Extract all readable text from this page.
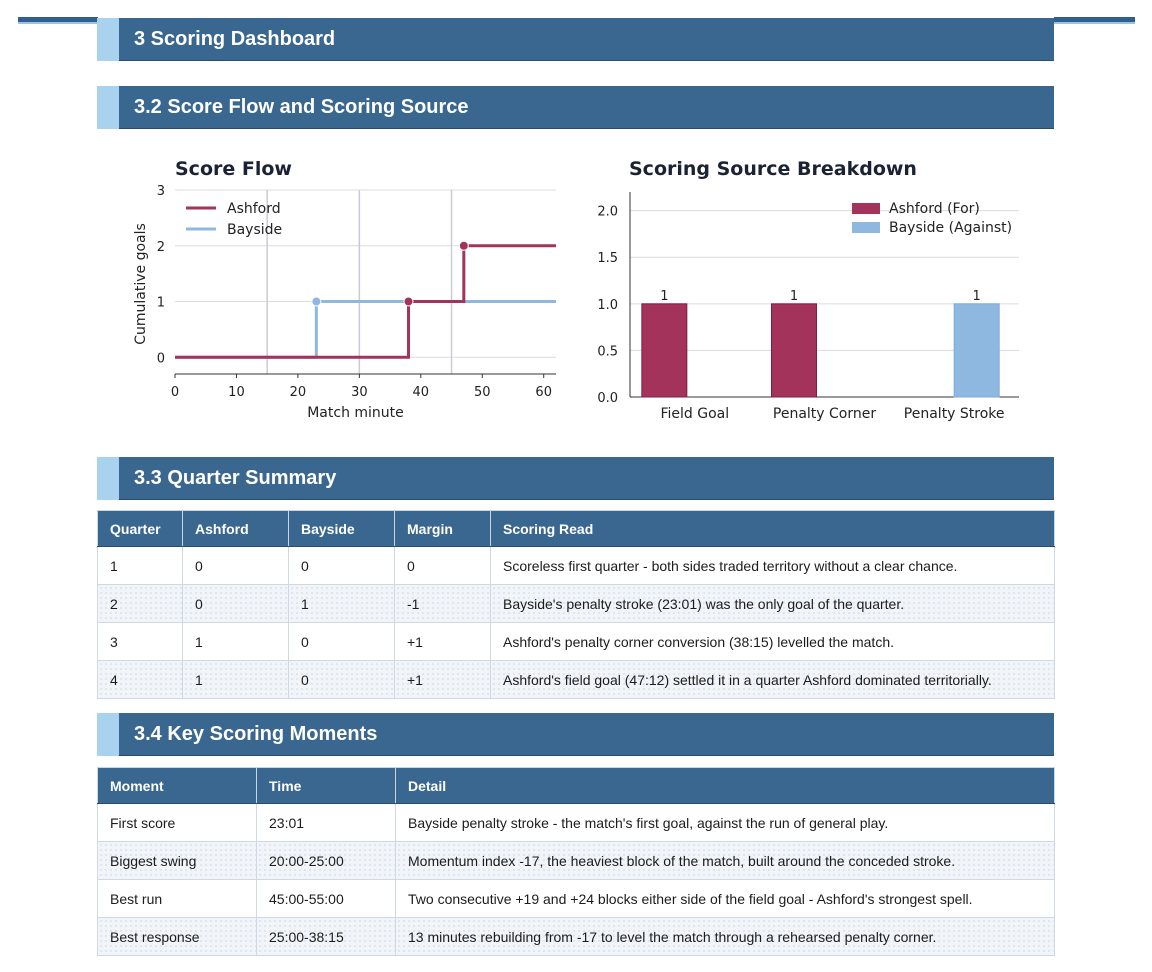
3 Scoring Dashboard
3.2 Score Flow and Scoring Source
Score Flow
0
1
2
3
0	10	20	30	40	50	60
Ashford
Bayside
Match minute
Cumulative goals
Scoring Source Breakdown
0.0
0.5
1.0
1.5
2.0
Field Goal
1
Penalty Corner
1
Penalty Stroke
1
Ashford (For)
Bayside (Against)
3.3 Quarter Summary
Quarter	Ashford	Bayside	Margin	Scoring Read
1	0	0	0	Scoreless first quarter - both sides traded territory without a clear chance.
2	0	1	-1	Bayside's penalty stroke (23:01) was the only goal of the quarter.
3	1	0	+1	Ashford's penalty corner conversion (38:15) levelled the match.
4	1	0	+1	Ashford's field goal (47:12) settled it in a quarter Ashford dominated territorially.
3.4 Key Scoring Moments
Moment	Time	Detail
First score	23:01	Bayside penalty stroke - the match's first goal, against the run of general play.
Biggest swing	20:00-25:00	Momentum index -17, the heaviest block of the match, built around the conceded stroke.
Best run	45:00-55:00	Two consecutive +19 and +24 blocks either side of the field goal - Ashford's strongest spell.
Best response	25:00-38:15	13 minutes rebuilding from -17 to level the match through a rehearsed penalty corner.
